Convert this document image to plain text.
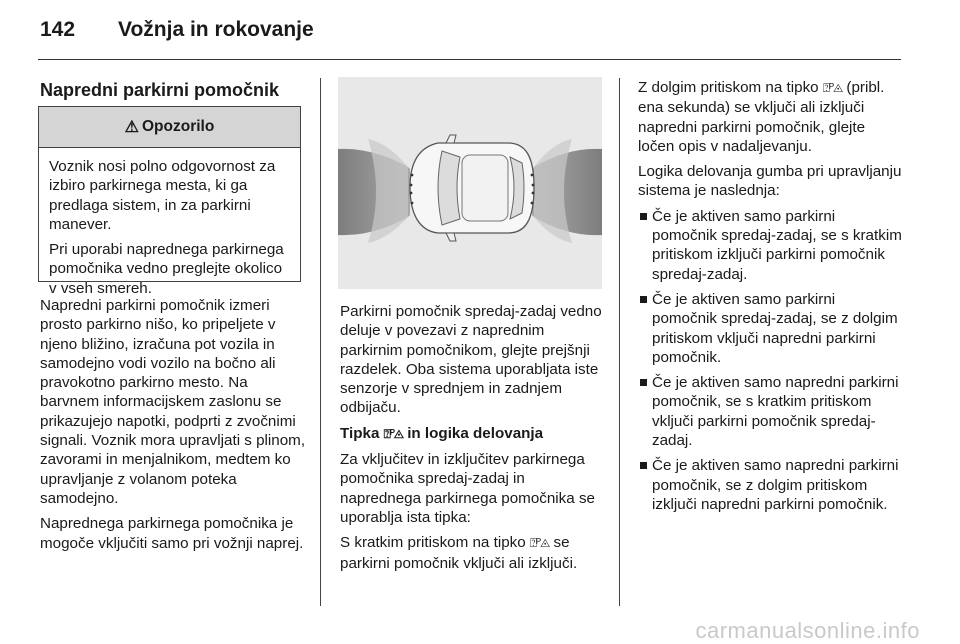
142 Vožnja in rokovanje
Napredni parkirni pomočnik
⚠ Opozorilo

Voznik nosi polno odgovornost za izbiro parkirnega mesta, ki ga predlaga sistem, in za parkirni manever.

Pri uporabi naprednega parkirnega pomočnika vedno preglejte okolico v vseh smereh.

Napredni parkirni pomočnik izmeri prosto parkirno nišo, ko pripeljete v njeno bližino, izračuna pot vozila in samodejno vodi vozilo na bočno ali pravokotno parkirno mesto. Na barvnem informacijskem zaslonu se prikazujejo napotki, podprti z zvočnimi signali. Voznik mora upravljati s plinom, zavorami in menjalnikom, medtem ko upravljanje z volanom poteka samodejno.

Naprednega parkirnega pomočnika je mogoče vključiti samo pri vožnji naprej.

Parkirni pomočnik spredaj-zadaj vedno deluje v povezavi z naprednim parkirnim pomočnikom, glejte prejšnji razdelek. Oba sistema uporabljata iste senzorje v sprednjem in zadnjem odbijaču.

Tipka ⍰ᴾ◬ in logika delovanja

Za vključitev in izključitev parkirnega pomočnika spredaj-zadaj in naprednega parkirnega pomočnika se uporablja ista tipka:

S kratkim pritiskom na tipko ⍰ᴾ◬ se parkirni pomočnik vključi ali izključi.

Z dolgim pritiskom na tipko ⍰ᴾ◬ (pribl. ena sekunda) se vključi ali izključi napredni parkirni pomočnik, glejte ločen opis v nadaljevanju.

Logika delovanja gumba pri upravljanju sistema je naslednja:

Če je aktiven samo parkirni pomočnik spredaj-zadaj, se s kratkim pritiskom izključi parkirni pomočnik spredaj-zadaj.
Če je aktiven samo parkirni pomočnik spredaj-zadaj, se z dolgim pritiskom vključi napredni parkirni pomočnik.
Če je aktiven samo napredni parkirni pomočnik, se s kratkim pritiskom vključi parkirni pomočnik spredaj-zadaj.
Če je aktiven samo napredni parkirni pomočnik, se z dolgim pritiskom izključi napredni parkirni pomočnik.
carmanualsonline.info
